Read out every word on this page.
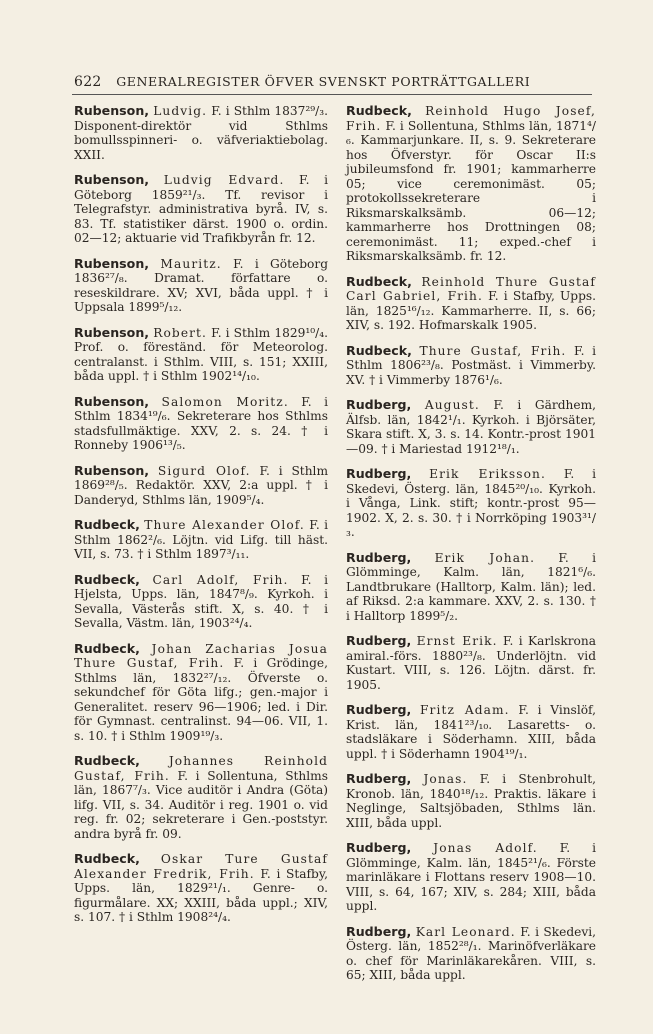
622 GENERALREGISTER ÖFVER SVENSKT PORTRÄTTGALLERI
Rubenson, Ludvig. F. i Sthlm 1837²⁹/₃. Disponent-direktör vid Sthlms bomullsspinneri- o. väfveriaktiebolag. XXII.
Rubenson, Ludvig Edvard. F. i Göteborg 1859²¹/₃. Tf. revisor i Telegrafstyr. administrativa byrå. IV, s. 83. Tf. statistiker därst. 1900 o. ordin. 02—12; aktuarie vid Trafikbyrån fr. 12.
Rubenson, Mauritz. F. i Göteborg 1836²⁷/₈. Dramat. författare o. reseskildrare. XV; XVI, båda uppl. † i Uppsala 1899⁵/₁₂.
Rubenson, Robert. F. i Sthlm 1829¹⁰/₄. Prof. o. föreständ. för Meteorolog. centralanst. i Sthlm. VIII, s. 151; XXIII, båda uppl. † i Sthlm 1902¹⁴/₁₀.
Rubenson, Salomon Moritz. F. i Sthlm 1834¹⁹/₆. Sekreterare hos Sthlms stadsfullmäktige. XXV, 2. s. 24. † i Ronneby 1906¹³/₅.
Rubenson, Sigurd Olof. F. i Sthlm 1869²⁸/₅. Redaktör. XXV, 2:a uppl. † i Danderyd, Sthlms län, 1909⁵/₄.
Rudbeck, Thure Alexander Olof. F. i Sthlm 1862²/₆. Löjtn. vid Lifg. till häst. VII, s. 73. † i Sthlm 1897³/₁₁.
Rudbeck, Carl Adolf, Frih. F. i Hjelsta, Upps. län, 1847⁸/₉. Kyrkoh. i Sevalla, Västerås stift. X, s. 40. † i Sevalla, Västm. län, 1903²⁴/₄.
Rudbeck, Johan Zacharias Josua Thure Gustaf, Frih. F. i Grödinge, Sthlms län, 1832²⁷/₁₂. Öfverste o. sekundchef för Göta lifg.; gen.-major i Generalitet. reserv 96—1906; led. i Dir. för Gymnast. centralinst. 94—06. VII, 1. s. 10. † i Sthlm 1909¹⁹/₃.
Rudbeck, Johannes Reinhold Gustaf, Frih. F. i Sollentuna, Sthlms län, 1867⁷/₃. Vice auditör i Andra (Göta) lifg. VII, s. 34. Auditör i reg. 1901 o. vid reg. fr. 02; sekreterare i Gen.-poststyr. andra byrå fr. 09.
Rudbeck, Oskar Ture Gustaf Alexander Fredrik, Frih. F. i Stafby, Upps. län, 1829²¹/₁. Genre- o. figurmålare. XX; XXIII, båda uppl.; XIV, s. 107. † i Sthlm 1908²⁴/₄.
Rudbeck, Reinhold Hugo Josef, Frih. F. i Sollentuna, Sthlms län, 1871⁴/₆. Kammarjunkare. II, s. 9. Sekreterare hos Öfverstyr. för Oscar II:s jubileumsfond fr. 1901; kammarherre 05; vice ceremonimäst. 05; protokollssekreterare i Riksmarskalksämb. 06—12; kammarherre hos Drottningen 08; ceremonimäst. 11; exped.-chef i Riksmarskalksämb. fr. 12.
Rudbeck, Reinhold Thure Gustaf Carl Gabriel, Frih. F. i Stafby, Upps. län, 1825¹⁶/₁₂. Kammarherre. II, s. 66; XIV, s. 192. Hofmarskalk 1905.
Rudbeck, Thure Gustaf, Frih. F. i Sthlm 1806²³/₈. Postmäst. i Vimmerby. XV. † i Vimmerby 1876¹/₆.
Rudberg, August. F. i Gärdhem, Älfsb. län, 1842¹/₁. Kyrkoh. i Björsäter, Skara stift. X, 3. s. 14. Kontr.-prost 1901—09. † i Mariestad 1912¹⁸/₁.
Rudberg, Erik Eriksson. F. i Skedevi, Österg. län, 1845²⁰/₁₀. Kyrkoh. i Vånga, Link. stift; kontr.-prost 95—1902. X, 2. s. 30. † i Norrköping 1903³¹/₃.
Rudberg, Erik Johan. F. i Glömminge, Kalm. län, 1821⁶/₆. Landtbrukare (Halltorp, Kalm. län); led. af Riksd. 2:a kammare. XXV, 2. s. 130. † i Halltorp 1899⁵/₂.
Rudberg, Ernst Erik. F. i Karlskrona amiral.-förs. 1880²³/₈. Underlöjtn. vid Kustart. VIII, s. 126. Löjtn. därst. fr. 1905.
Rudberg, Fritz Adam. F. i Vinslöf, Krist. län, 1841²³/₁₀. Lasaretts- o. stadsläkare i Söderhamn. XIII, båda uppl. † i Söderhamn 1904¹⁹/₁.
Rudberg, Jonas. F. i Stenbrohult, Kronob. län, 1840¹⁸/₁₂. Praktis. läkare i Neglinge, Saltsjöbaden, Sthlms län. XIII, båda uppl.
Rudberg, Jonas Adolf. F. i Glömminge, Kalm. län, 1845²¹/₆. Förste marinläkare i Flottans reserv 1908—10. VIII, s. 64, 167; XIV, s. 284; XIII, båda uppl.
Rudberg, Karl Leonard. F. i Skedevi, Österg. län, 1852²⁸/₁. Marinöfverläkare o. chef för Marinläkarekåren. VIII, s. 65; XIII, båda uppl.
